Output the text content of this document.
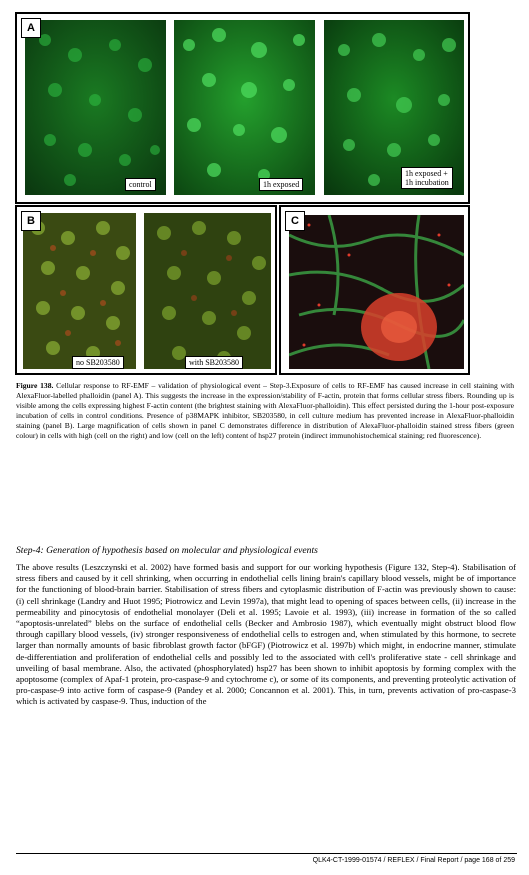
A
control	1h exposed
1h exposed +
1h incubation
B
no SB203580	with SB203580
C
Figure 138. Cellular response to RF-EMF – validation of physiological event – Step-3.Exposure of cells to RF-EMF has caused increase in cell staining with AlexaFluor-labelled phalloidin (panel A). This suggests the increase in the expression/stability of F-actin, protein that forms cellular stress fibers. Rounding up is visible among the cells expressing highest F-actin content (the brightest staining with AlexaFluor-phalloidin). This effect persisted during the 1-hour post-exposure incubation of cells in control conditions. Presence of p38MAPK inhibitor, SB203580, in cell culture medium has prevented increase in AlexaFluor-phalloidin staining (panel B). Large magnification of cells shown in panel C demonstrates difference in distribution of AlexaFluor-phalloidin stained stress fibers (green colour) in cells with high (cell on the right) and low (cell on the left) content of hsp27 protein (indirect immunohistochemical staining; red fluorescence).
Step-4: Generation of hypothesis based on molecular and physiological events
The above results (Leszczynski et al. 2002) have formed basis and support for our working hypothesis (Figure 132, Step-4). Stabilisation of stress fibers and caused by it cell shrinking, when occurring in endothelial cells lining brain's capillary blood vessels, might be of importance for the functioning of blood-brain barrier. Stabilisation of stress fibers and cytoplasmic distribution of F-actin was previously shown to cause: (i) cell shrinkage (Landry and Huot 1995; Piotrowicz and Levin 1997a), that might lead to opening of spaces between cells, (ii) increase in the permeability and pinocytosis of endothelial monolayer (Deli et al. 1995; Lavoie et al. 1993), (iii) increase in formation of the so called “apoptosis-unrelated” blebs on the surface of endothelial cells (Becker and Ambrosio 1987), which eventually might obstruct blood flow through capillary blood vessels, (iv) stronger responsiveness of endothelial cells to estrogen and, when stimulated by this hormone, to secrete larger than normally amounts of basic fibroblast growth factor (bFGF) (Piotrowicz et al. 1997b) which might, in endocrine manner, stimulate de-differentiation and proliferation of endothelial cells and possibly led to the associated with cell's proliferative state - cell shrinkage and unveiling of basal membrane. Also, the activated (phosphorylated) hsp27 has been shown to inhibit apoptosis by forming complex with the apoptosome (complex of Apaf-1 protein, pro-caspase-9 and cytochrome c), or some of its components, and preventing proteolytic activation of pro-caspase-9 into active form of caspase-9 (Pandey et al. 2000; Concannon et al. 2001). This, in turn, prevents activation of pro-caspase-3 which is activated by caspase-9. Thus, induction of the
QLK4-CT-1999-01574 / REFLEX / Final Report / page 168 of 259
